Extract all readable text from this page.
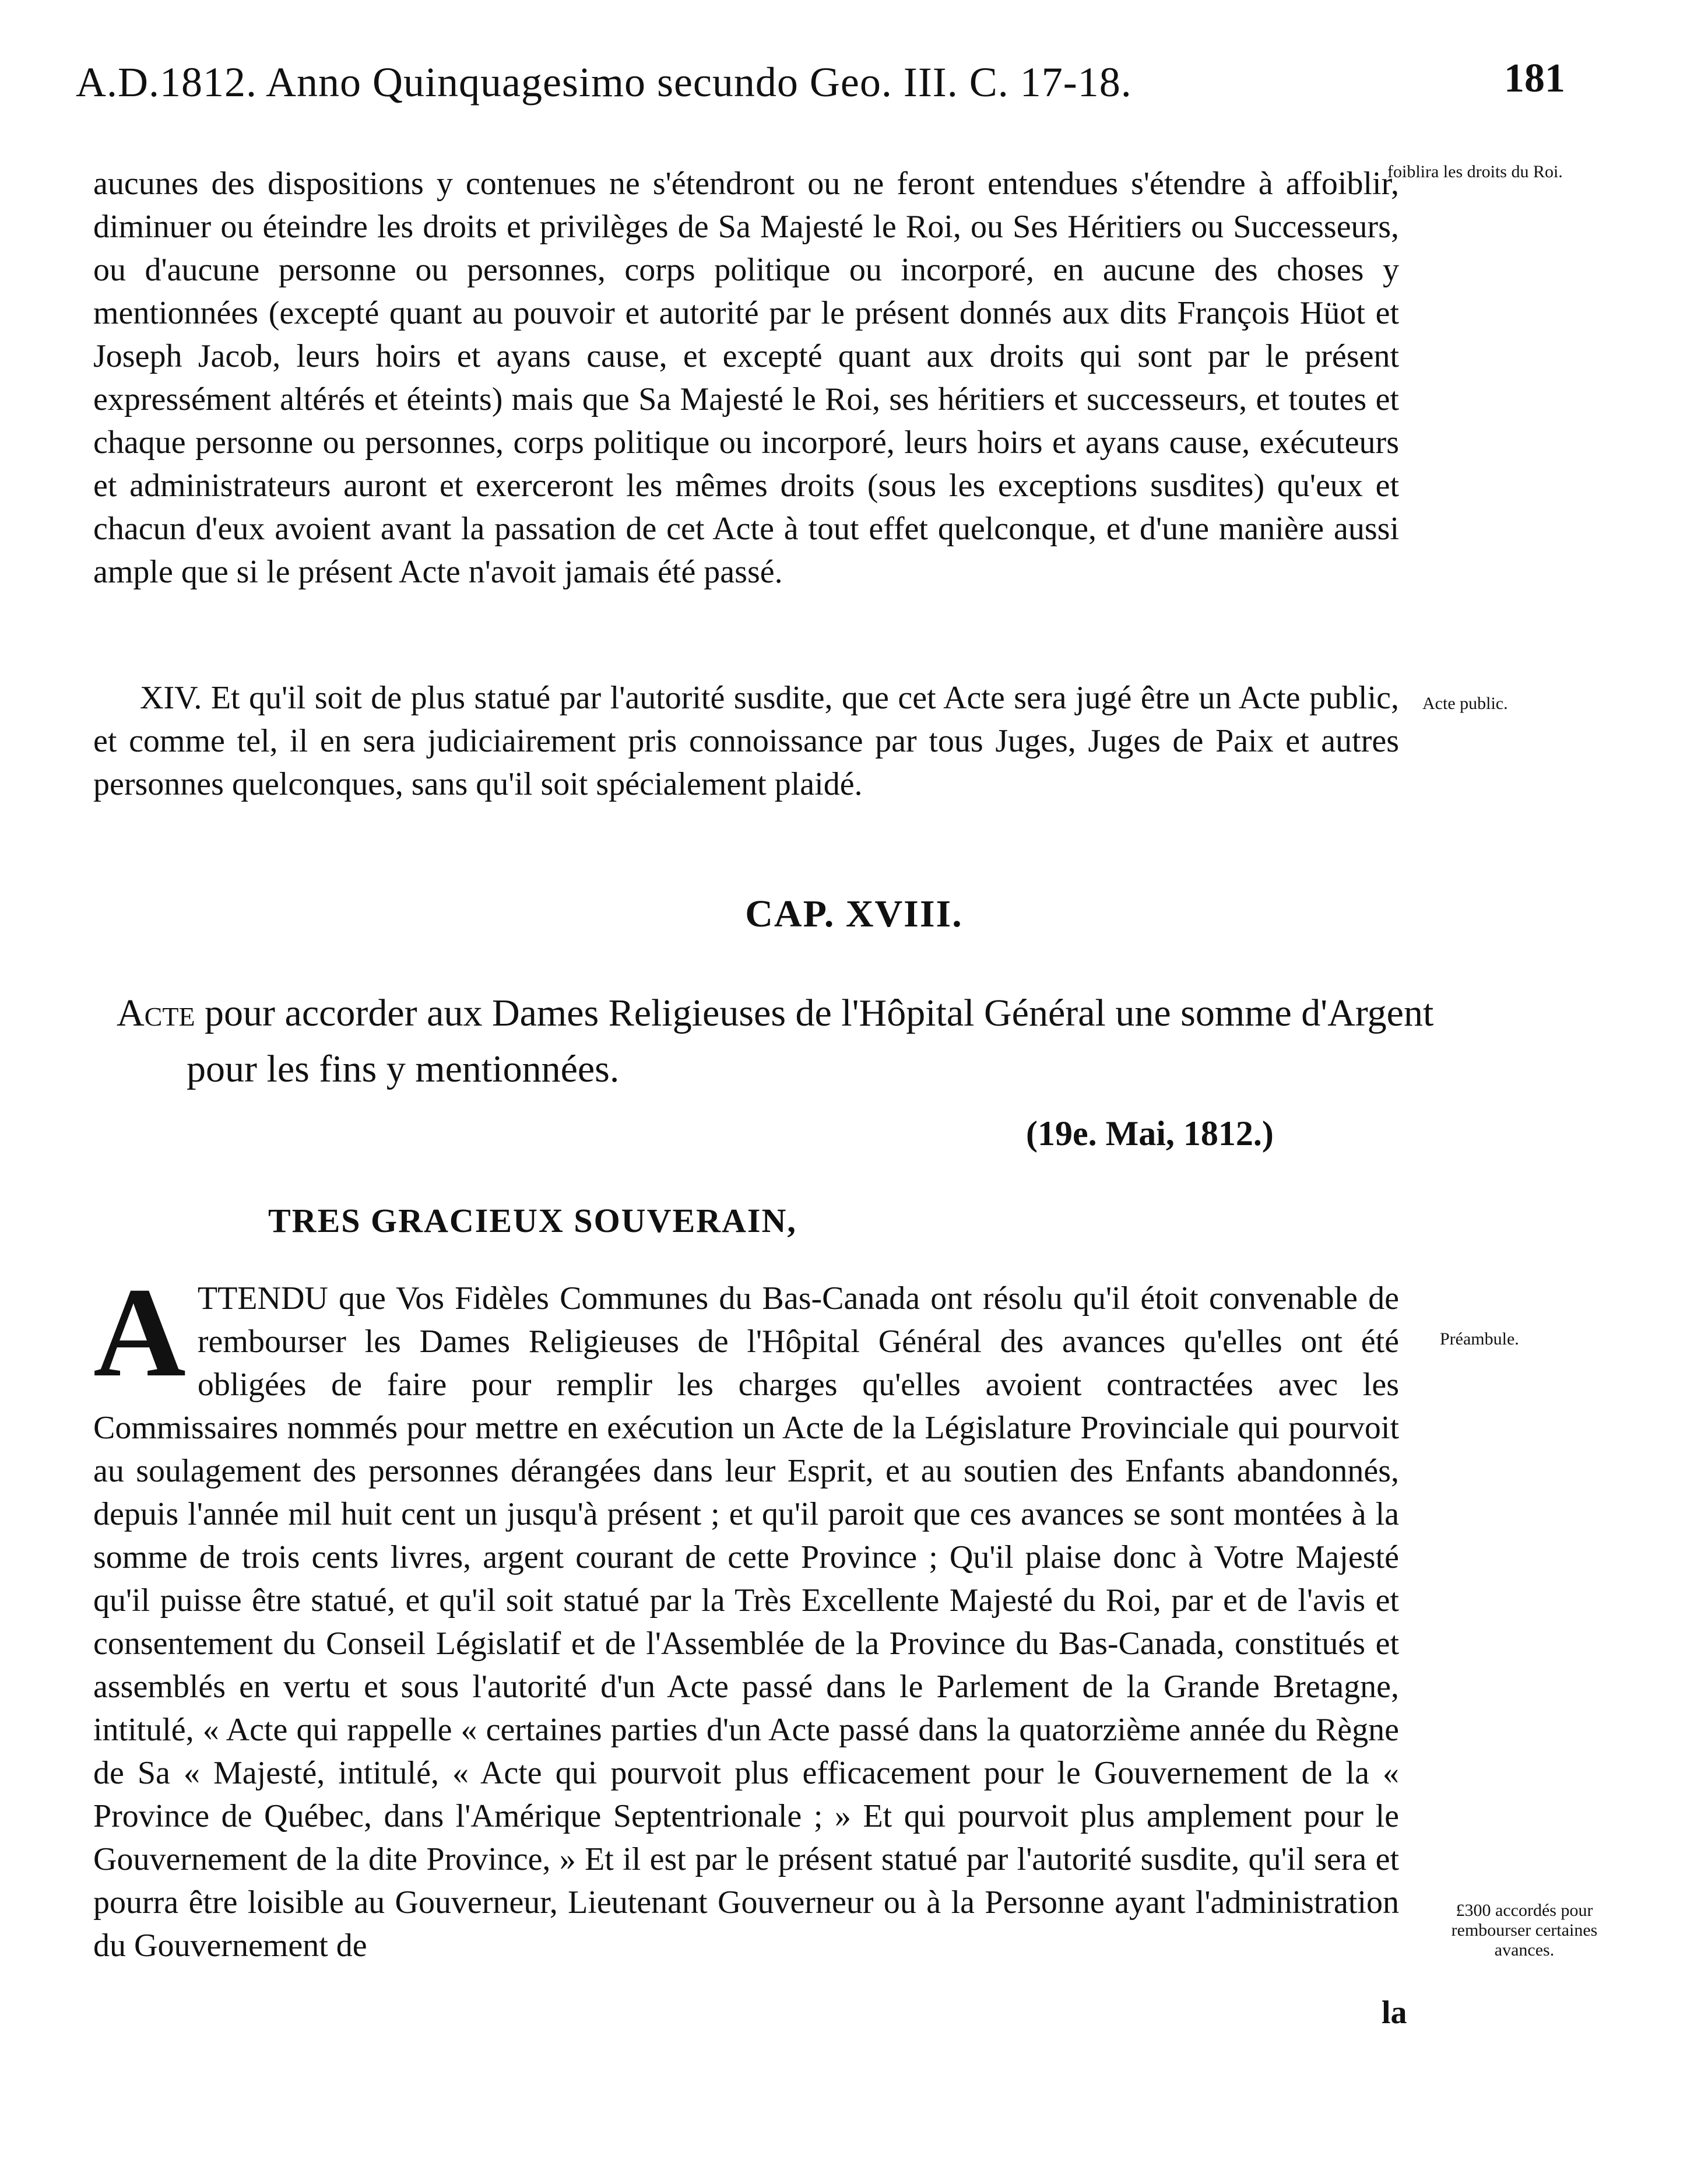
A.D.1812. Anno Quinquagesimo secundo Geo. III. C. 17-18.	181

aucunes des dispositions y contenues ne s'étendront ou ne feront entendues s'étendre à affoiblir, diminuer ou éteindre les droits et privilèges de Sa Majesté le Roi, ou Ses Héritiers ou Successeurs, ou d'aucune personne ou personnes, corps politique ou incorporé, en aucune des choses y mentionnées (excepté quant au pouvoir et autorité par le présent donnés aux dits François Hüot et Joseph Jacob, leurs hoirs et ayans cause, et excepté quant aux droits qui sont par le présent expressément altérés et éteints) mais que Sa Majesté le Roi, ses héritiers et successeurs, et toutes et chaque personne ou personnes, corps politique ou incorporé, leurs hoirs et ayans cause, exécuteurs et administrateurs auront et exerceront les mêmes droits (sous les exceptions susdites) qu'eux et chacun d'eux avoient avant la passation de cet Acte à tout effet quelconque, et d'une manière aussi ample que si le présent Acte n'avoit jamais été passé.

foiblira les droits du Roi.

XIV. Et qu'il soit de plus statué par l'autorité susdite, que cet Acte sera jugé être un Acte public, et comme tel, il en sera judiciairement pris connoissance par tous Juges, Juges de Paix et autres personnes quelconques, sans qu'il soit spécialement plaidé.

Acte public.
CAP. XVIII.
Acte pour accorder aux Dames Religieuses de l'Hôpital Général une somme d'Argent pour les fins y mentionnées.
(19e. Mai, 1812.)
TRES GRACIEUX SOUVERAIN,
A TTENDU que Vos Fidèles Communes du Bas-Canada ont résolu qu'il étoit convenable de rembourser les Dames Religieuses de l'Hôpital Général des avances qu'elles ont été obligées de faire pour remplir les charges qu'elles avoient contractées avec les Commissaires nommés pour mettre en exécution un Acte de la Législature Provinciale qui pourvoit au soulagement des personnes dérangées dans leur Esprit, et au soutien des Enfants abandonnés, depuis l'année mil huit cent un jusqu'à présent ; et qu'il paroit que ces avances se sont montées à la somme de trois cents livres, argent courant de cette Province ; Qu'il plaise donc à Votre Majesté qu'il puisse être statué, et qu'il soit statué par la Très Excellente Majesté du Roi, par et de l'avis et consentement du Conseil Législatif et de l'Assemblée de la Province du Bas-Canada, constitués et assemblés en vertu et sous l'autorité d'un Acte passé dans le Parlement de la Grande Bretagne, intitulé, « Acte qui rappelle « certaines parties d'un Acte passé dans la quatorzième année du Règne de Sa « Majesté, intitulé, « Acte qui pourvoit plus efficacement pour le Gouvernement de la « Province de Québec, dans l'Amérique Septentrionale ; » Et qui pourvoit plus amplement pour le Gouvernement de la dite Province, » Et il est par le présent statué par l'autorité susdite, qu'il sera et pourra être loisible au Gouverneur, Lieutenant Gouverneur ou à la Personne ayant l'administration du Gouvernement de

Préambule.
£300 accordés pour rembourser certaines avances.
la
